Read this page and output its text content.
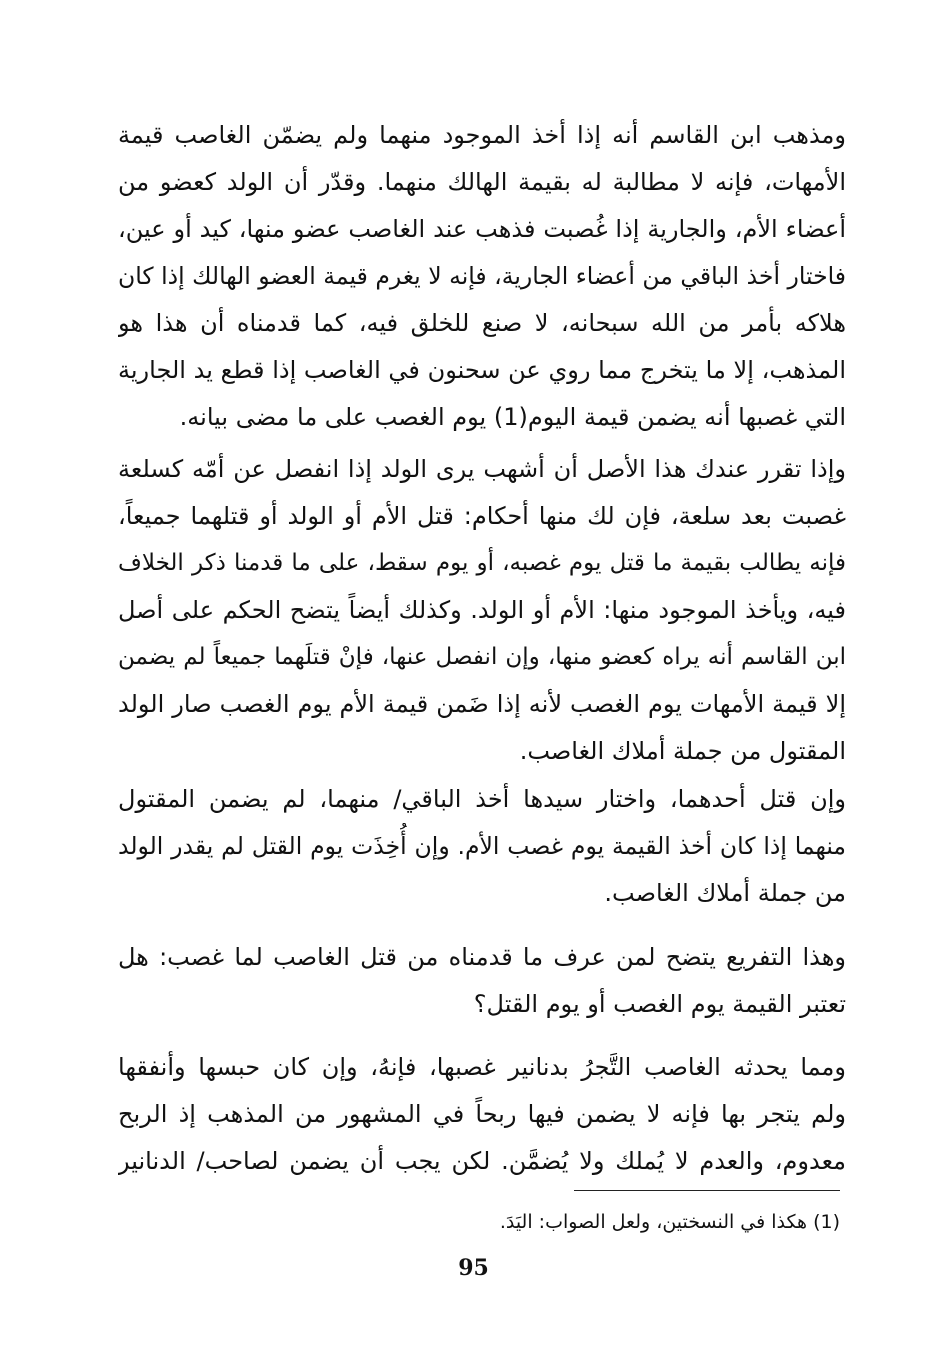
ومذهب ابن القاسم أنه إذا أخذ الموجود منهما ولم يضمّن الغاصب قيمة
الأمهات، فإنه لا مطالبة له بقيمة الهالك منهما. وقدّر أن الولد كعضو من
أعضاء الأم، والجارية إذا غُصبت فذهب عند الغاصب عضو منها، كيد أو عين،
فاختار أخذ الباقي من أعضاء الجارية، فإنه لا يغرم قيمة العضو الهالك إذا كان
هلاكه بأمر من الله سبحانه، لا صنع للخلق فيه، كما قدمناه أن هذا هو
المذهب، إلا ما يتخرج مما روي عن سحنون في الغاصب إذا قطع يد الجارية
التي غصبها أنه يضمن قيمة اليوم(1) يوم الغصب على ما مضى بيانه.
وإذا تقرر عندك هذا الأصل أن أشهب يرى الولد إذا انفصل عن أمّه كسلعة
غصبت بعد سلعة، فإن لك منها أحكام: قتل الأم أو الولد أو قتلهما جميعاً،
فإنه يطالب بقيمة ما قتل يوم غصبه، أو يوم سقط، على ما قدمنا ذكر الخلاف
فيه، ويأخذ الموجود منها: الأم أو الولد. وكذلك أيضاً يتضح الحكم على أصل
ابن القاسم أنه يراه كعضو منها، وإن انفصل عنها، فإنْ قتلَهما جميعاً لم يضمن
إلا قيمة الأمهات يوم الغصب لأنه إذا ضَمن قيمة الأم يوم الغصب صار الولد
المقتول من جملة أملاك الغاصب.
وإن قتل أحدهما، واختار سيدها أخذ الباقي/ منهما، لم يضمن المقتول
منهما إذا كان أخذ القيمة يوم غصب الأم. وإن أُخِذَت يوم القتل لم يقدر الولد
من جملة أملاك الغاصب.
وهذا التفريع يتضح لمن عرف ما قدمناه من قتل الغاصب لما غصب: هل
تعتبر القيمة يوم الغصب أو يوم القتل؟
ومما يحدثه الغاصب التَّجرُ بدنانير غصبها، فإنهُ، وإن كان حبسها وأنفقها
ولم يتجر بها فإنه لا يضمن فيها ربحاً في المشهور من المذهب إذ الربح
معدوم، والعدم لا يُملك ولا يُضمَّن. لكن يجب أن يضمن لصاحب/ الدنانير
(1) هكذا في النسختين، ولعل الصواب: اليَدَ.
95
